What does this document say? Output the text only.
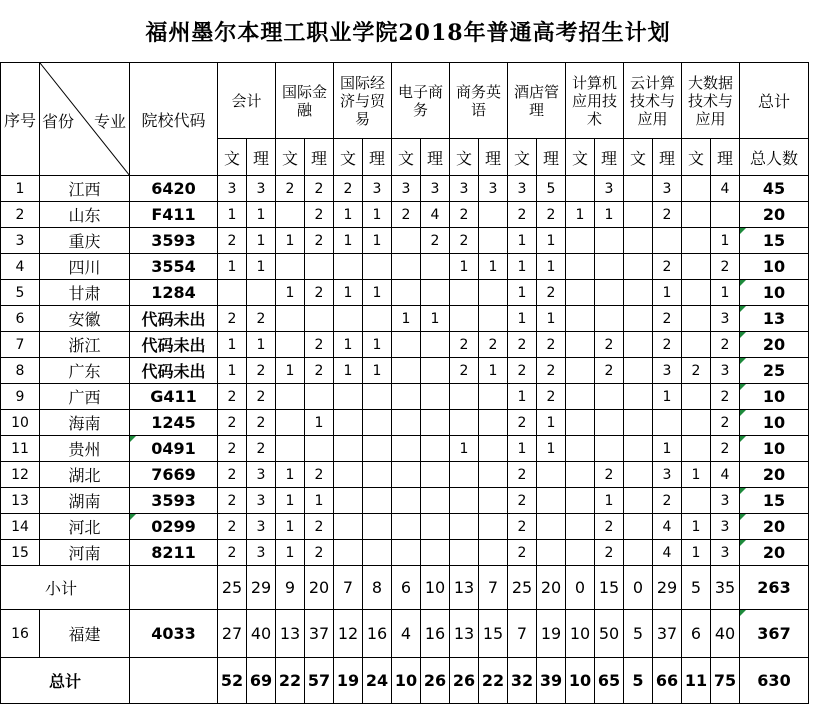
福州墨尔本理工职业学院2018年普通高考招生计划
序号	省份 专业	院校代码	会计		国际金融		国际经济与贸易		电子商务		商务英语		酒店管理		计算机应用技术		云计算技术与应用		大数据技术与应用		总计
			文	理	文	理	文	理	文	理	文	理	文	理	文	理	文	理	文	理	总人数
1	江西	6420	3	3	2	2	2	3	3	3	3	3	3	5		3		3		4	45
2	山东	F411	1	1		2	1	1	2	4	2		2	2	1	1		2			20
3	重庆	3593	2	1	1	2	1	1		2	2		1	1						1	15
4	四川	3554	1	1							1	1	1	1				2		2	10
5	甘肃	1284			1	2	1	1					1	2				1		1	10
6	安徽	代码未出	2	2					1	1			1	1				2		3	13
7	浙江	代码未出	1	1		2	1	1			2	2	2	2		2		2		2	20
8	广东	代码未出	1	2	1	2	1	1			2	1	2	2		2		3	2	3	25
9	广西	G411	2	2									1	2				1		2	10
10	海南	1245	2	2		1							2	1						2	10
11	贵州	0491	2	2							1		1	1				1		2	10
12	湖北	7669	2	3	1	2							2			2		3	1	4	20
13	湖南	3593	2	3	1	1							2			1		2		3	15
14	河北	0299	2	3	1	2							2			2		4	1	3	20
15	河南	8211	2	3	1	2							2			2		4	1	3	20
小计			25	29	9	20	7	8	6	10	13	7	25	20	0	15	0	29	5	35	263
16	福建	4033	27	40	13	37	12	16	4	16	13	15	7	19	10	50	5	37	6	40	367
总计			52	69	22	57	19	24	10	26	26	22	32	39	10	65	5	66	11	75	630
